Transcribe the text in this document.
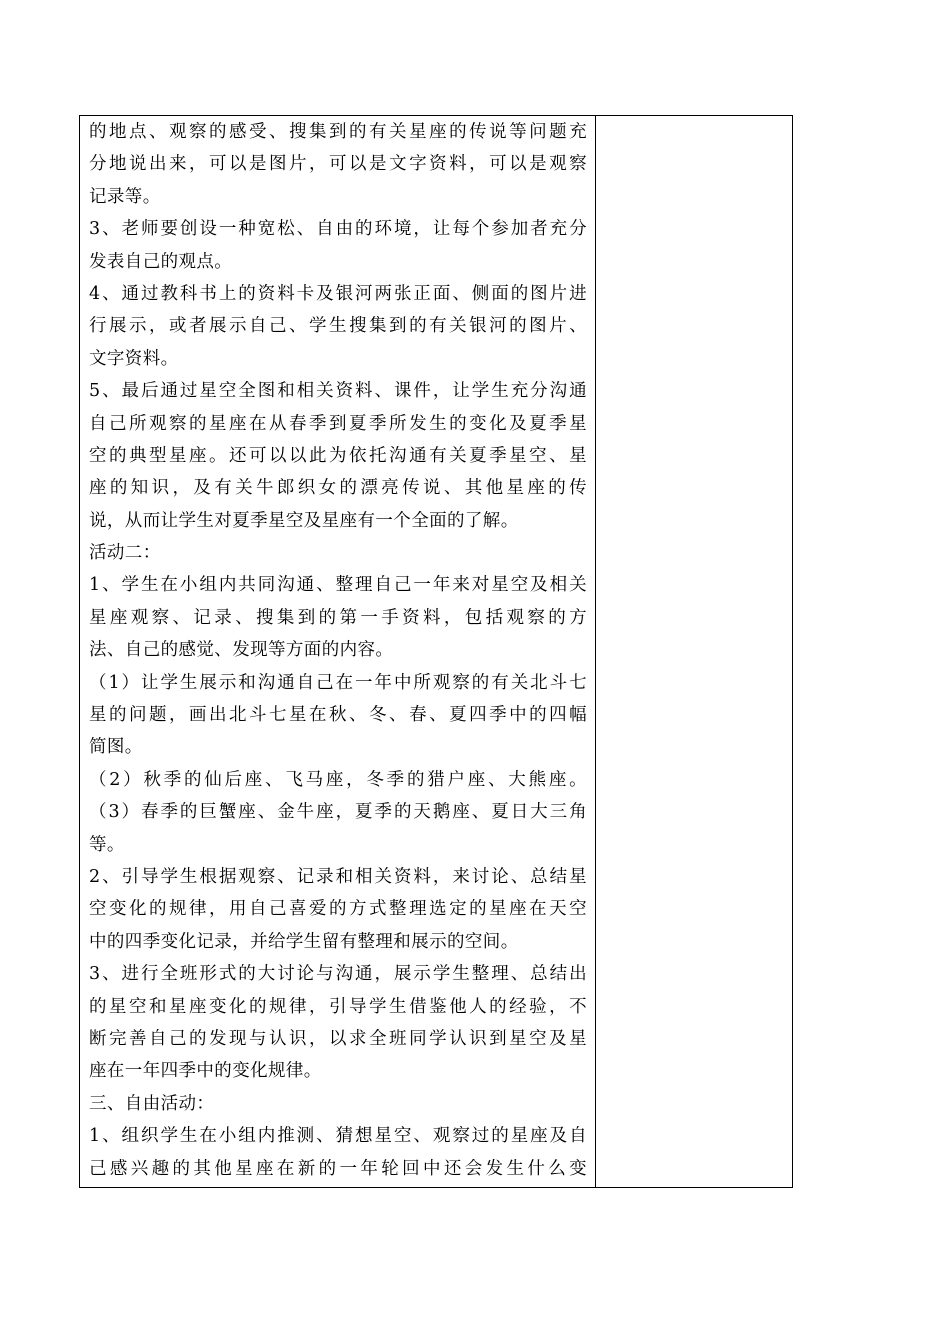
的地点、观察的感受、搜集到的有关星座的传说等问题充
分地说出来，可以是图片，可以是文字资料，可以是观察
记录等。
3、老师要创设一种宽松、自由的环境，让每个参加者充分
发表自己的观点。
4、通过教科书上的资料卡及银河两张正面、侧面的图片进
行展示，或者展示自己、学生搜集到的有关银河的图片、
文字资料。
5、最后通过星空全图和相关资料、课件，让学生充分沟通
自己所观察的星座在从春季到夏季所发生的变化及夏季星
空的典型星座。还可以以此为依托沟通有关夏季星空、星
座的知识，及有关牛郎织女的漂亮传说、其他星座的传
说，从而让学生对夏季星空及星座有一个全面的了解。
活动二：
1、学生在小组内共同沟通、整理自己一年来对星空及相关
星座观察、记录、搜集到的第一手资料，包括观察的方
法、自己的感觉、发现等方面的内容。
（1）让学生展示和沟通自己在一年中所观察的有关北斗七
星的问题，画出北斗七星在秋、冬、春、夏四季中的四幅
简图。
（2）秋季的仙后座、飞马座，冬季的猎户座、大熊座。
（3）春季的巨蟹座、金牛座，夏季的天鹅座、夏日大三角
等。
2、引导学生根据观察、记录和相关资料，来讨论、总结星
空变化的规律，用自己喜爱的方式整理选定的星座在天空
中的四季变化记录，并给学生留有整理和展示的空间。
3、进行全班形式的大讨论与沟通，展示学生整理、总结出
的星空和星座变化的规律，引导学生借鉴他人的经验，不
断完善自己的发现与认识，以求全班同学认识到星空及星
座在一年四季中的变化规律。
三、自由活动：
1、组织学生在小组内推测、猜想星空、观察过的星座及自
己感兴趣的其他星座在新的一年轮回中还会发生什么变
